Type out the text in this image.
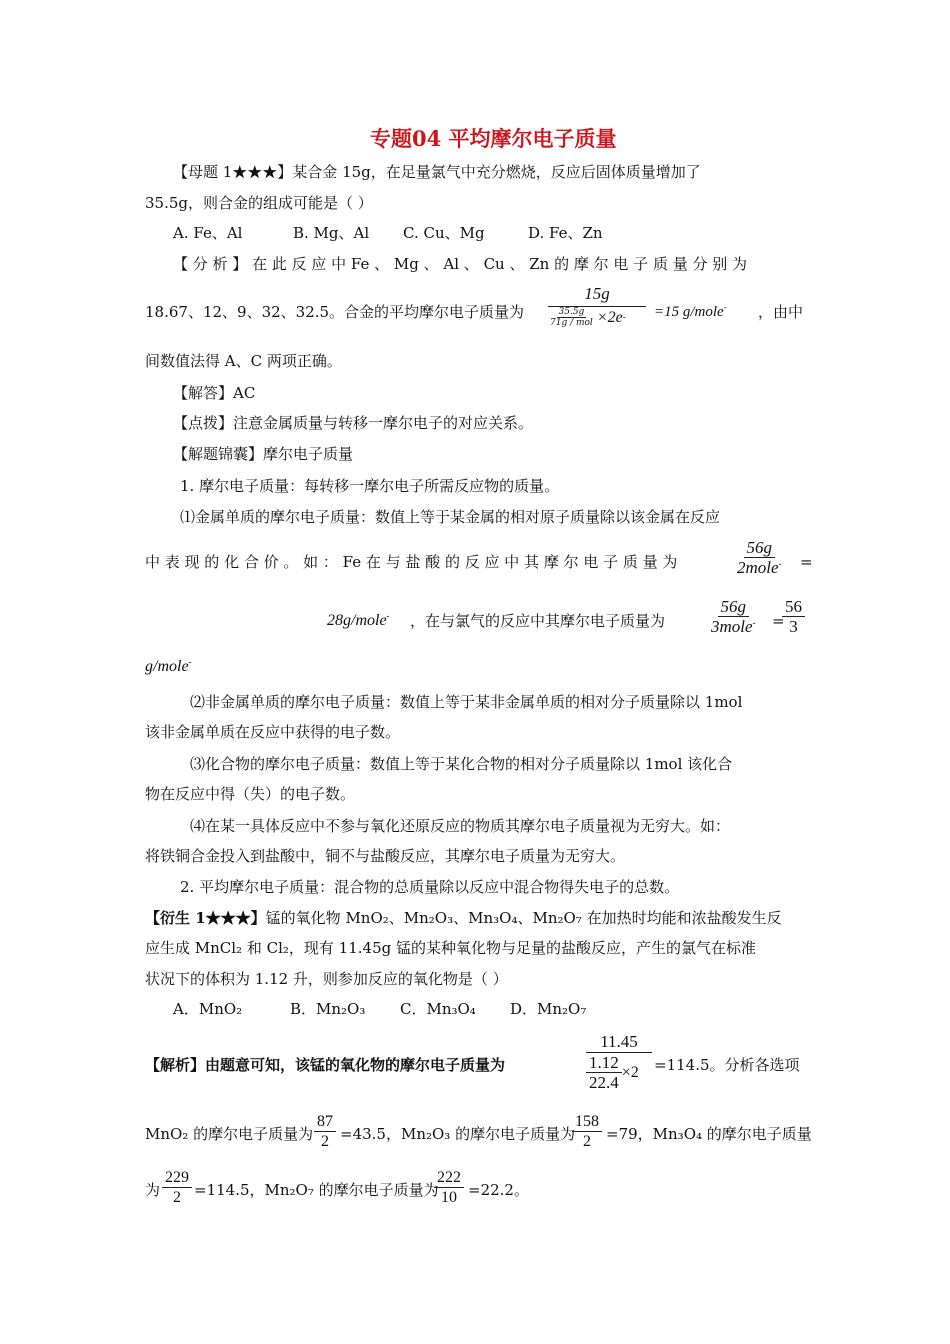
专题04 平均摩尔电子质量
【母题 1★★★】某合金 15g，在足量氯气中充分燃烧，反应后固体质量增加了
35.5g，则合金的组成可能是（ ）
A. Fe、Al	B. Mg、Al C. Cu、Mg	D. Fe、Zn
【 分 析 】 在 此 反 应 中 Fe 、 Mg 、 Al 、 Cu 、 Zn 的 摩 尔 电 子 质 量 分 别 为
18.67、12、9、32、32.5。合金的平均摩尔电子质量为
15g
35.5g
71g / mol ×2e - =15 g/mole- ，由中
间数值法得 A、C 两项正确。
【解答】AC
【点拨】注意金属质量与转移一摩尔电子的对应关系。
【解题锦囊】摩尔电子质量
1. 摩尔电子质量：每转移一摩尔电子所需反应物的质量。
⑴金属单质的摩尔电子质量：数值上等于某金属的相对原子质量除以该金属在反应
中 表 现 的 化 合 价 。 如 ： Fe 在 与 盐 酸 的 反 应 中 其 摩 尔 电 子 质 量 为	$\frac{56g}{2mole^-}$ =
28g/mole- ，在与氯气的反应中其摩尔电子质量为	$\frac{56g}{3mole^-}$ =
$\frac{56}{3}$
g/mole-
⑵非金属单质的摩尔电子质量：数值上等于某非金属单质的相对分子质量除以 1mol
该非金属单质在反应中获得的电子数。
⑶化合物的摩尔电子质量：数值上等于某化合物的相对分子质量除以 1mol 该化合
物在反应中得（失）的电子数。
⑷在某一具体反应中不参与氧化还原反应的物质其摩尔电子质量视为无穷大。如：
将铁铜合金投入到盐酸中，铜不与盐酸反应，其摩尔电子质量为无穷大。
2. 平均摩尔电子质量：混合物的总质量除以反应中混合物得失电子的总数。
【衍生 1★★★】锰的氧化物 MnO₂、Mn₂O₃、Mn₃O₄、Mn₂O₇ 在加热时均能和浓盐酸发生反
应生成 MnCl₂ 和 Cl₂，现有 11.45g 锰的某种氧化物与足量的盐酸反应，产生的氯气在标准
状况下的体积为 1.12 升，则参加反应的氧化物是（ ）
A．MnO₂	B．Mn₂O₃ C．Mn₃O₄ D．Mn₂O₇
【解析】由题意可知，该锰的氧化物的摩尔电子质量为
11.45
$\frac{1.12}{22.4} \times 2 =114.5$。分析各选项
MnO₂ 的摩尔电子质量为 $\frac{87}{2} =43.5$，Mn₂O₃ 的摩尔电子质量为
$\frac{158}{2} =79$，Mn₃O₄ 的摩尔电子质量
为 $\frac{229}{2} =114.5$，Mn₂O₇ 的摩尔电子质量为
$\frac{222}{10} =22.2$。
